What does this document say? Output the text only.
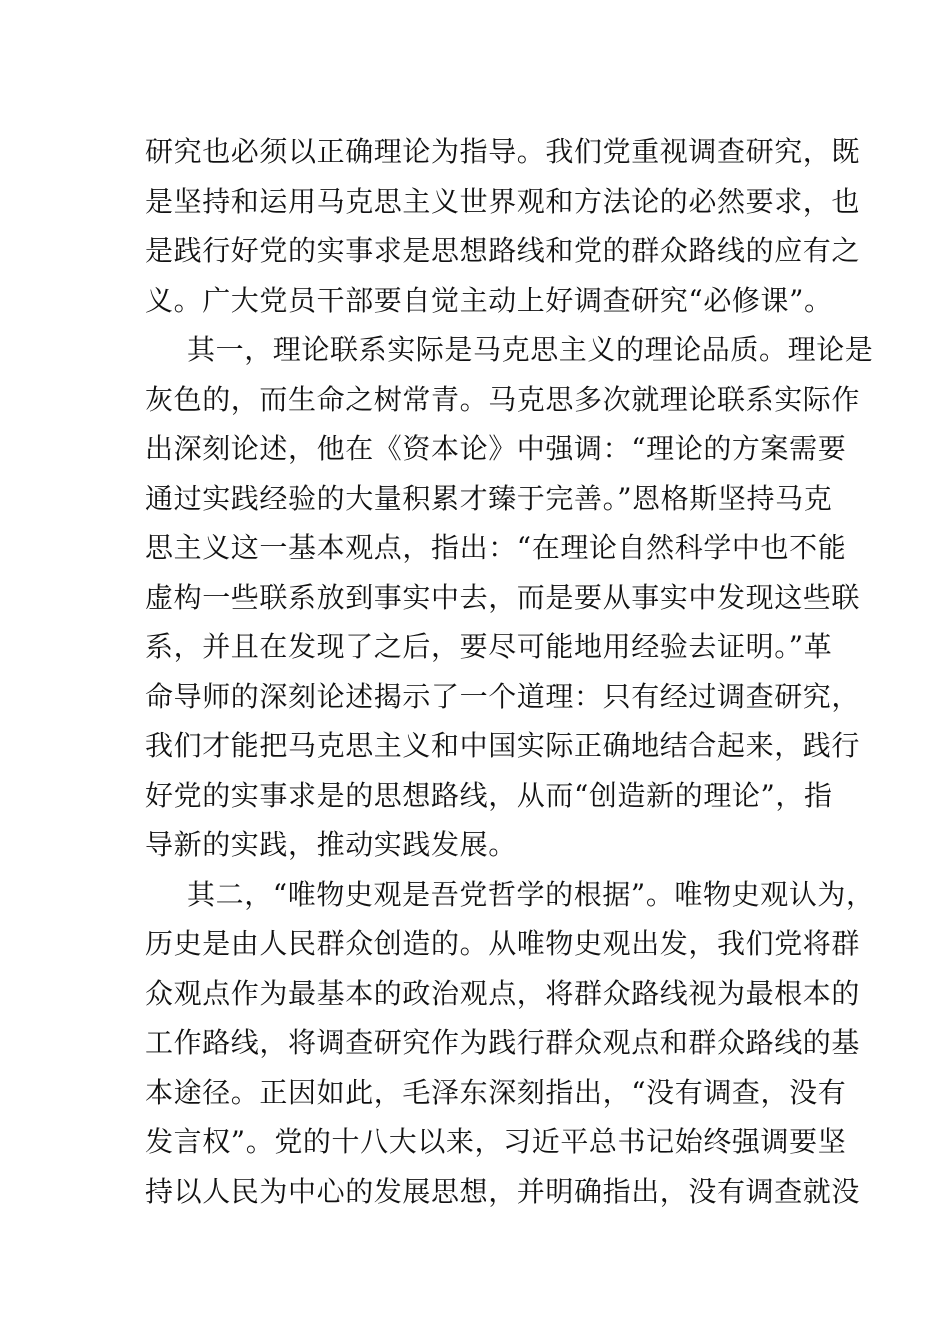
研究也必须以正确理论为指导。我们党重视调查研究，既
是坚持和运用马克思主义世界观和方法论的必然要求，也
是践行好党的实事求是思想路线和党的群众路线的应有之
义。广大党员干部要自觉主动上好调查研究“必修课”。
其一，理论联系实际是马克思主义的理论品质。理论是
灰色的，而生命之树常青。马克思多次就理论联系实际作
出深刻论述，他在《资本论》中强调：“理论的方案需要
通过实践经验的大量积累才臻于完善。”恩格斯坚持马克
思主义这一基本观点，指出：“在理论自然科学中也不能
虚构一些联系放到事实中去，而是要从事实中发现这些联
系，并且在发现了之后，要尽可能地用经验去证明。”革
命导师的深刻论述揭示了一个道理：只有经过调查研究，
我们才能把马克思主义和中国实际正确地结合起来，践行
好党的实事求是的思想路线，从而“创造新的理论”，指
导新的实践，推动实践发展。
其二，“唯物史观是吾党哲学的根据”。唯物史观认为，
历史是由人民群众创造的。从唯物史观出发，我们党将群
众观点作为最基本的政治观点，将群众路线视为最根本的
工作路线，将调查研究作为践行群众观点和群众路线的基
本途径。正因如此，毛泽东深刻指出，“没有调查，没有
发言权”。党的十八大以来，习近平总书记始终强调要坚
持以人民为中心的发展思想，并明确指出，没有调查就没
